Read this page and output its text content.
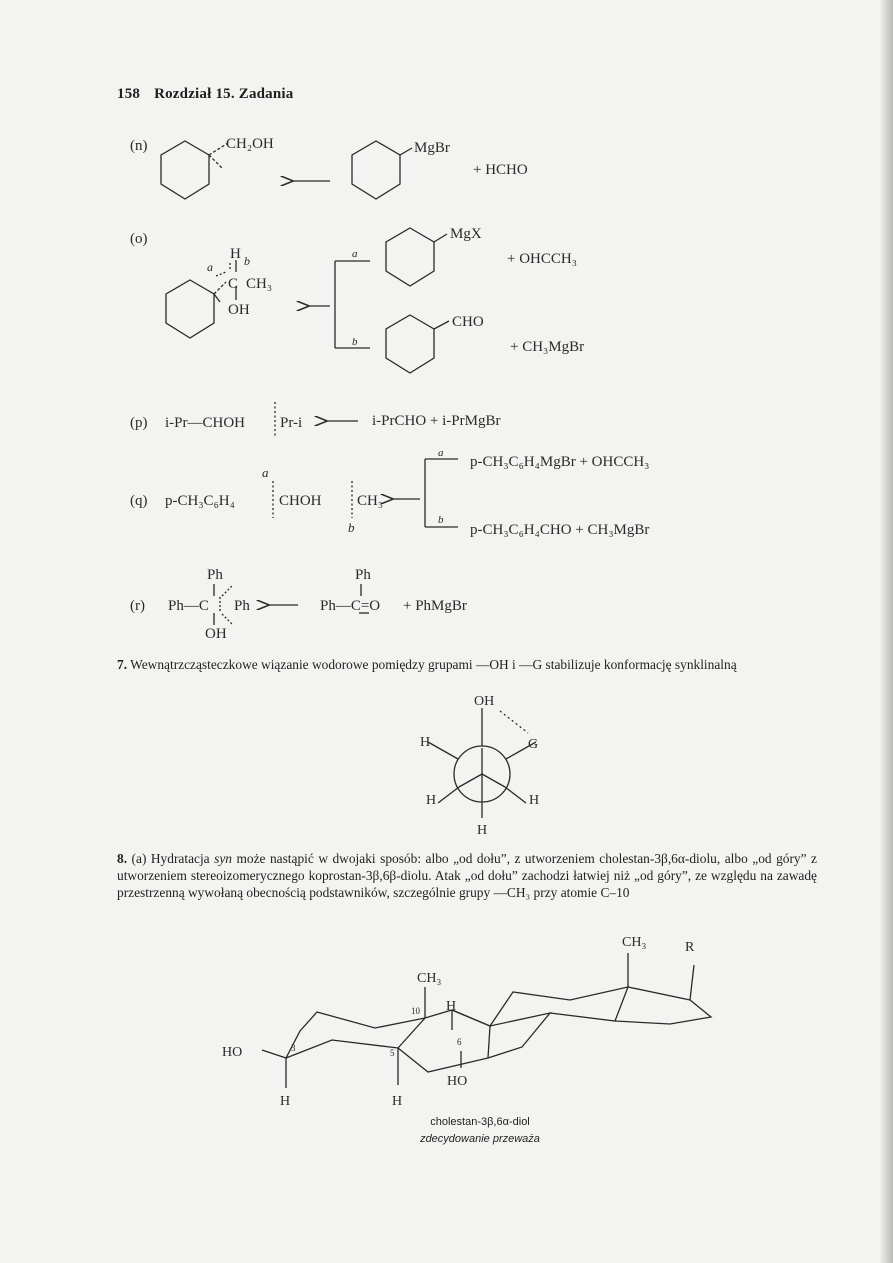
158 Rozdział 15. Zadania
(n)	CH₂OH	MgBr
+ HCHO
(o)
H b
a
C CH₃
OH
a
b
MgX
+ OHCCH₃
CHO
+ CH₃MgBr
(p) i-Pr—CHOH Pr-i	i-PrCHO + i-PrMgBr
(q) p-CH₃C₆H₄	CHOH CH₃
a
b
a
b
p-CH₃C₆H₄MgBr + OHCCH₃
p-CH₃C₆H₄CHO + CH₃MgBr
Ph
(r) Ph—C Ph
OH
Ph
Ph—C=O + PhMgBr
OH
G
H
H	H
H
CH₃	R
CH₃
10 H
6
5
3
HO
HO
H	H
7. Wewnątrzcząsteczkowe wiązanie wodorowe pomiędzy grupami —OH i —G stabilizuje konformację synklinalną
8. (a) Hydratacja syn może nastąpić w dwojaki sposób: albo „od dołu”, z utworzeniem cholestan-3β,6α-diolu, albo „od góry” z utworzeniem stereoizomerycznego koprostan-3β,6β-diolu. Atak „od dołu” zachodzi łatwiej niż „od góry”, ze względu na zawadę przestrzenną wywołaną obecnością podstawników, szczególnie grupy —CH₃ przy atomie C–10
cholestan-3β,6α-diol
zdecydowanie przeważa
